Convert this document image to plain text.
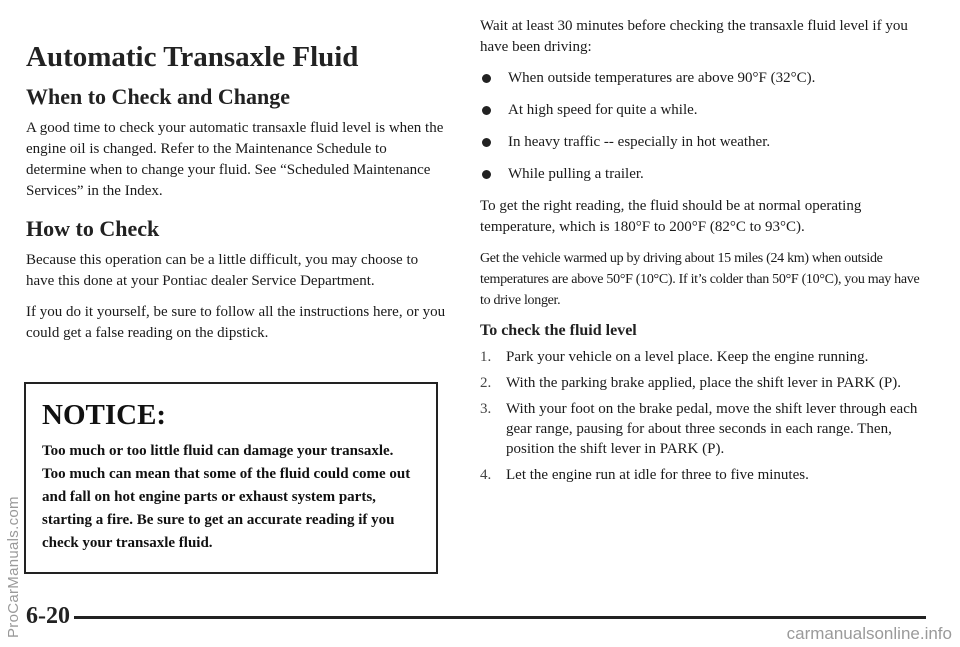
Automatic Transaxle Fluid
When to Check and Change

A good time to check your automatic transaxle fluid level is when the engine oil is changed. Refer to the Maintenance Schedule to determine when to change your fluid. See “Scheduled Maintenance Services” in the Index.

How to Check

Because this operation can be a little difficult, you may choose to have this done at your Pontiac dealer Service Department.

If you do it yourself, be sure to follow all the instructions here, or you could get a false reading on the dipstick.

NOTICE:

Too much or too little fluid can damage your transaxle. Too much can mean that some of the fluid could come out and fall on hot engine parts or exhaust system parts, starting a fire. Be sure to get an accurate reading if you check your transaxle fluid.

Wait at least 30 minutes before checking the transaxle fluid level if you have been driving:

When outside temperatures are above 90°F (32°C).
At high speed for quite a while.
In heavy traffic -- especially in hot weather.
While pulling a trailer.

To get the right reading, the fluid should be at normal operating temperature, which is 180°F to 200°F (82°C to 93°C).

Get the vehicle warmed up by driving about 15 miles (24 km) when outside temperatures are above 50°F (10°C). If it’s colder than 50°F (10°C), you may have to drive longer.

To check the fluid level
1. Park your vehicle on a level place. Keep the engine running.
2. With the parking brake applied, place the shift lever in PARK (P).
3. With your foot on the brake pedal, move the shift lever through each gear range, pausing for about three seconds in each range. Then, position the shift lever in PARK (P).
4. Let the engine run at idle for three to five minutes.
6-20
ProCarManuals.com	carmanualsonline.info
